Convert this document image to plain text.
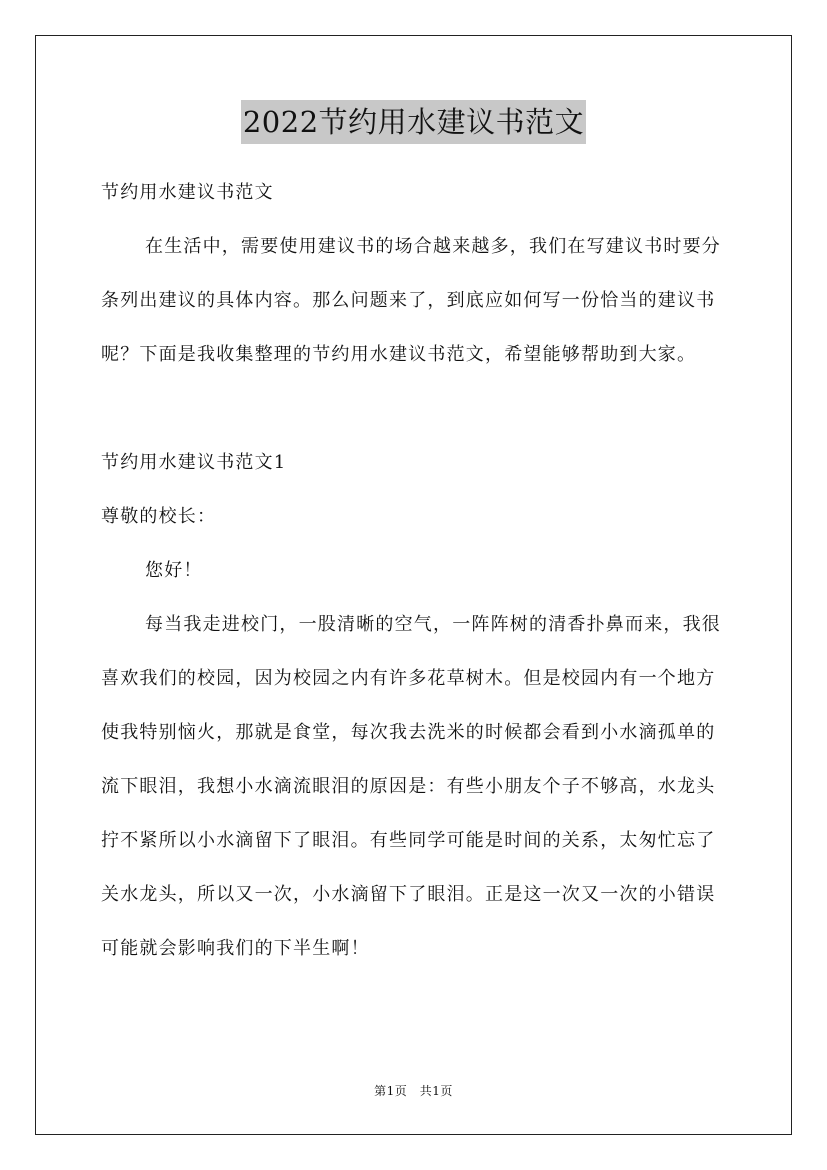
2022节约用水建议书范文

节约用水建议书范文

在生活中，需要使用建议书的场合越来越多，我们在写建议书时要分条列出建议的具体内容。那么问题来了，到底应如何写一份恰当的建议书呢？下面是我收集整理的节约用水建议书范文，希望能够帮助到大家。

节约用水建议书范文1

尊敬的校长：

您好！

每当我走进校门，一股清晰的空气，一阵阵树的清香扑鼻而来，我很喜欢我们的校园，因为校园之内有许多花草树木。但是校园内有一个地方使我特别恼火，那就是食堂，每次我去洗米的时候都会看到小水滴孤单的流下眼泪，我想小水滴流眼泪的原因是：有些小朋友个子不够高，水龙头拧不紧所以小水滴留下了眼泪。有些同学可能是时间的关系，太匆忙忘了关水龙头，所以又一次，小水滴留下了眼泪。正是这一次又一次的小错误可能就会影响我们的下半生啊！

第1页　共1页
